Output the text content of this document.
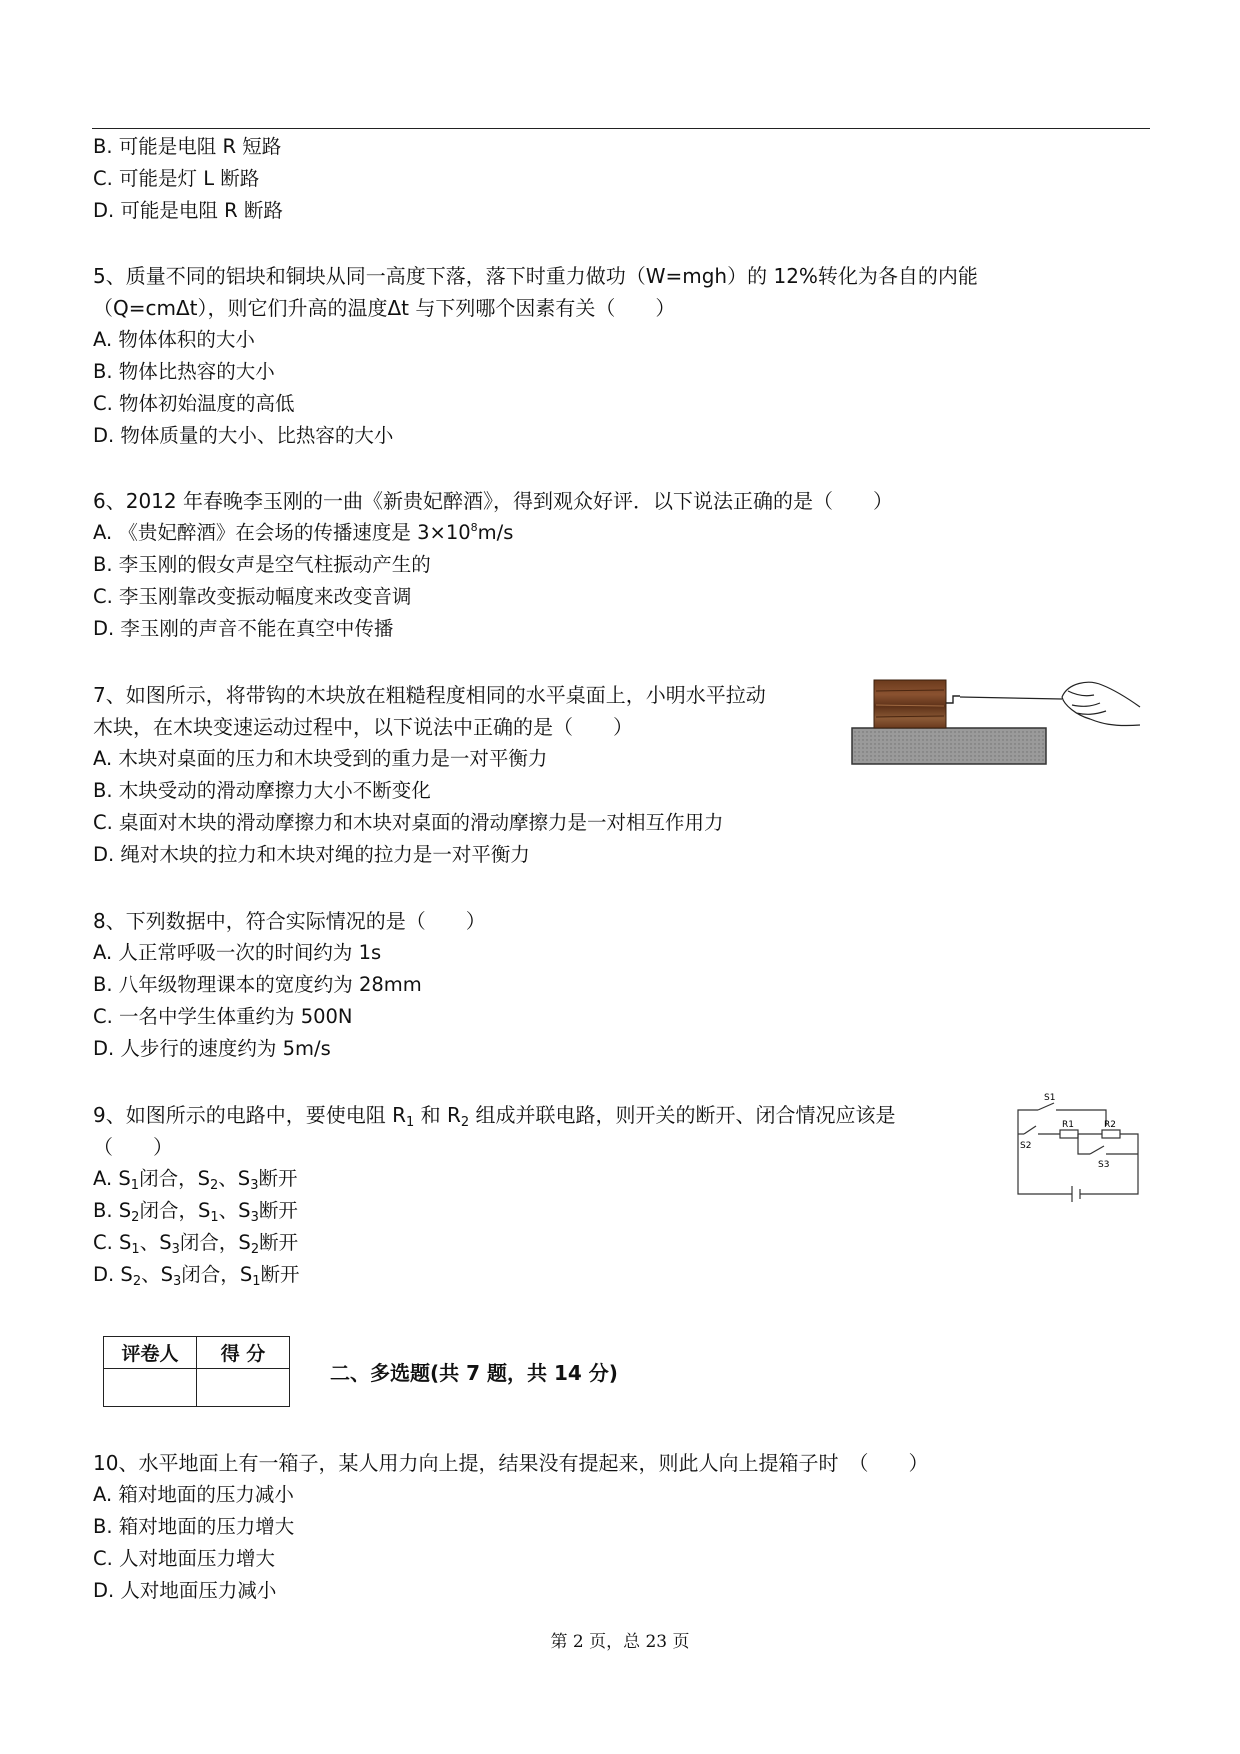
B. 可能是电阻 R 短路
C. 可能是灯 L 断路
D. 可能是电阻 R 断路
5、质量不同的铝块和铜块从同一高度下落，落下时重力做功（W=mgh）的 12%转化为各自的内能
（Q=cmΔt），则它们升高的温度Δt 与下列哪个因素有关（　　）
A. 物体体积的大小
B. 物体比热容的大小
C. 物体初始温度的高低
D. 物体质量的大小、比热容的大小
6、2012 年春晚李玉刚的一曲《新贵妃醉酒》，得到观众好评．以下说法正确的是（　　）
A. 《贵妃醉酒》在会场的传播速度是 $3\times 10^8m/s$
B. 李玉刚的假女声是空气柱振动产生的
C. 李玉刚靠改变振动幅度来改变音调
D. 李玉刚的声音不能在真空中传播
7、如图所示，将带钩的木块放在粗糙程度相同的水平桌面上，小明水平拉动
木块，在木块变速运动过程中，以下说法中正确的是（　　）
A. 木块对桌面的压力和木块受到的重力是一对平衡力
B. 木块受动的滑动摩擦力大小不断变化
C. 桌面对木块的滑动摩擦力和木块对桌面的滑动摩擦力是一对相互作用力
D. 绳对木块的拉力和木块对绳的拉力是一对平衡力
8、下列数据中，符合实际情况的是（　　）
A. 人正常呼吸一次的时间约为 1s
B. 八年级物理课本的宽度约为 28mm
C. 一名中学生体重约为 500N
D. 人步行的速度约为 5m/s
9、如图所示的电路中，要使电阻 $R_1$ 和 $R_2$ 组成并联电路，则开关的断开、闭合情况应该是
（　　）
A. $S_1$闭合，$S_2$、$S_3$断开
B. $S_2$闭合，$S_1$、$S_3$断开
C. $S_1$、$S_3$闭合，$S_2$断开
D. $S_2$、$S_3$闭合，$S_1$断开
S1
R1	R2
S2
S3
评卷人	得 分

二、多选题(共 7 题，共 14 分)
10、水平地面上有一箱子，某人用力向上提，结果没有提起来，则此人向上提箱子时　（　　）
A. 箱对地面的压力减小　
B. 箱对地面的压力增大　
C. 人对地面压力增大　
D. 人对地面压力减小
第 2 页，总 23 页
